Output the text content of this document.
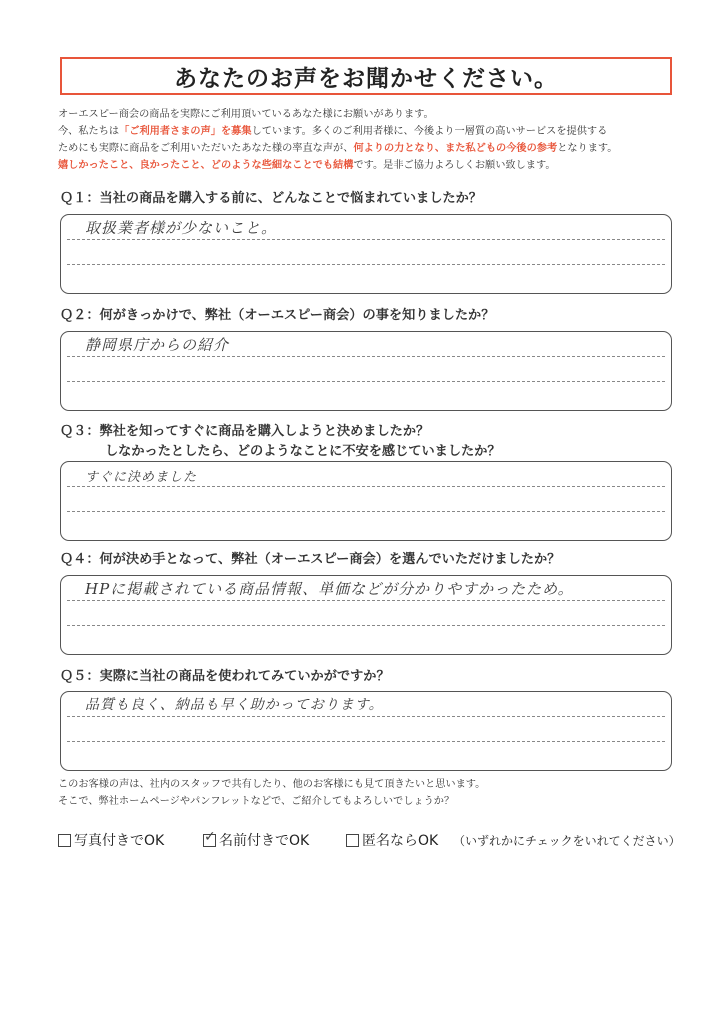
あなたのお声をお聞かせください。

オーエスピー商会の商品を実際にご利用頂いているあなた様にお願いがあります。

今、私たちは「ご利用者さまの声」を募集しています。多くのご利用者様に、今後より一層質の高いサービスを提供する

ためにも実際に商品をご利用いただいたあなた様の率直な声が、何よりの力となり、また私どもの今後の参考となります。

嬉しかったこと、良かったこと、どのような些細なことでも結構です。是非ご協力よろしくお願い致します。

Ｑ１：当社の商品を購入する前に、どんなことで悩まれていましたか？
取扱業者様が少ないこと。
Ｑ２：何がきっかけで、弊社（オーエスピー商会）の事を知りましたか？
静岡県庁からの紹介
Ｑ３：弊社を知ってすぐに商品を購入しようと決めましたか？
しなかったとしたら、どのようなことに不安を感じていましたか？
すぐに決めました
Ｑ４：何が決め手となって、弊社（オーエスピー商会）を選んでいただけましたか？
HPに掲載されている商品情報、単価などが分かりやすかったため。
Ｑ５：実際に当社の商品を使われてみていかがですか？
品質も良く、納品も早く助かっております。

このお客様の声は、社内のスタッフで共有したり、他のお客様にも見て頂きたいと思います。

そこで、弊社ホームページやパンフレットなどで、ご紹介してもよろしいでしょうか？

写真付きでOK	✓ 名前付きでOK	匿名ならOK （いずれかにチェックをいれてください）
